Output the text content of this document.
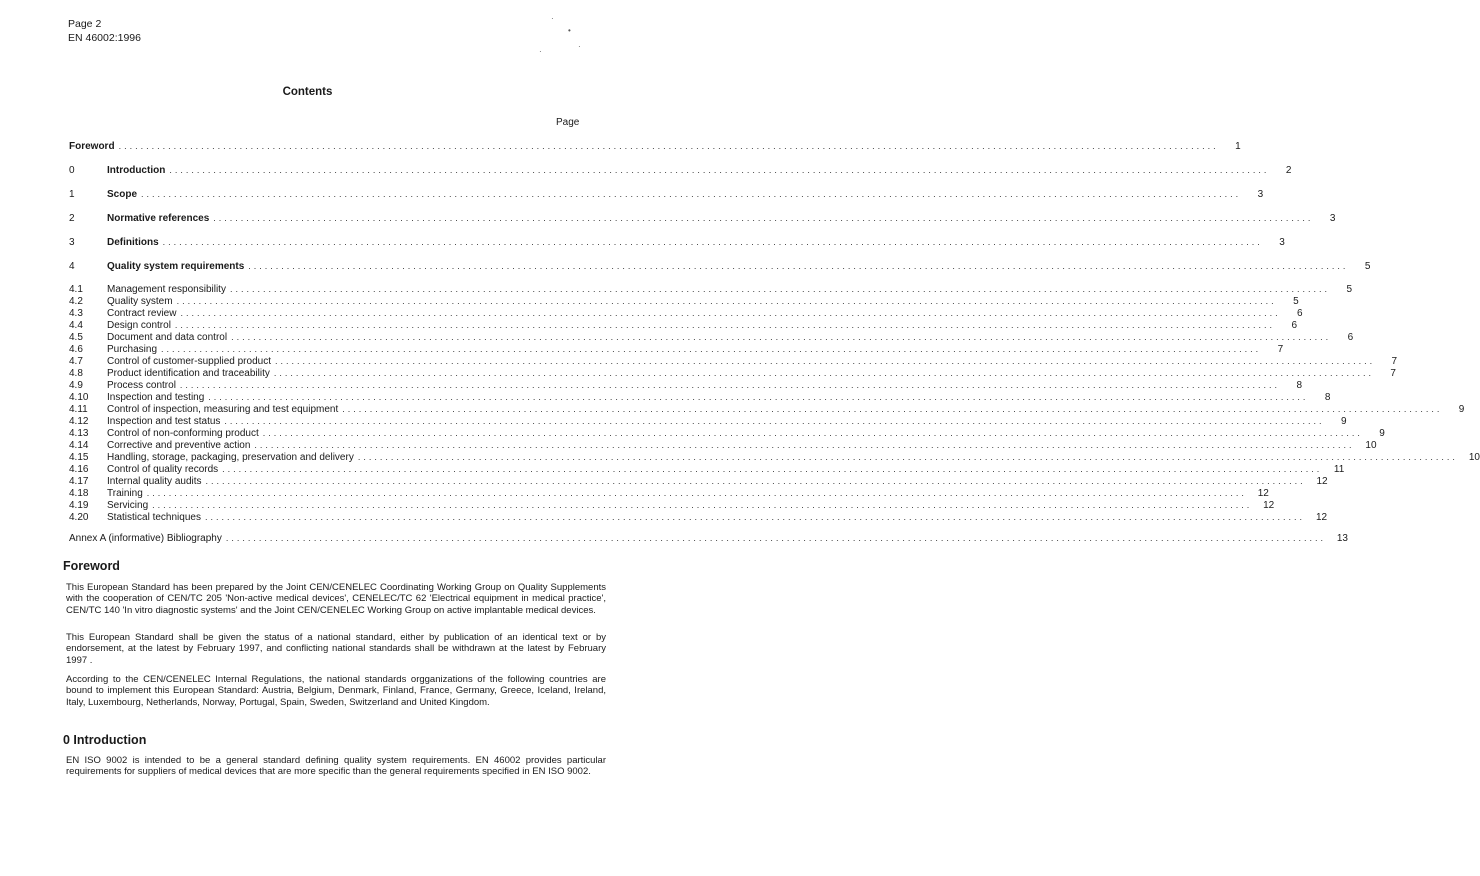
Page 2
EN 46002:1996
·
•
·
·
Contents
Page
Foreword ........................................................................................................................................................................................................	1
0	Introduction ........................................................................................................................................................................................................	2
1	Scope ........................................................................................................................................................................................................	3
2	Normative references ........................................................................................................................................................................................................	3
3	Definitions ........................................................................................................................................................................................................	3
4	Quality system requirements ........................................................................................................................................................................................................	5
4.1	Management responsibility ........................................................................................................................................................................................................	5
4.2	Quality system ........................................................................................................................................................................................................	5
4.3	Contract review ........................................................................................................................................................................................................	6
4.4	Design control ........................................................................................................................................................................................................	6
4.5	Document and data control ........................................................................................................................................................................................................	6
4.6	Purchasing ........................................................................................................................................................................................................	7
4.7	Control of customer-supplied product ........................................................................................................................................................................................................	7
4.8	Product identification and traceability ........................................................................................................................................................................................................	7
4.9	Process control ........................................................................................................................................................................................................	8
4.10	Inspection and testing ........................................................................................................................................................................................................	8
4.11	Control of inspection, measuring and test equipment ........................................................................................................................................................................................................	9
4.12	Inspection and test status ........................................................................................................................................................................................................	9
4.13	Control of non-conforming product ........................................................................................................................................................................................................	9
4.14	Corrective and preventive action ........................................................................................................................................................................................................	10
4.15	Handling, storage, packaging, preservation and delivery ........................................................................................................................................................................................................	10
4.16	Control of quality records ........................................................................................................................................................................................................	11
4.17	Internal quality audits ........................................................................................................................................................................................................	12
4.18	Training ........................................................................................................................................................................................................	12
4.19	Servicing ........................................................................................................................................................................................................	12
4.20	Statistical techniques ........................................................................................................................................................................................................	12
Annex A (informative) Bibliography ........................................................................................................................................................................................................	13
Foreword
This European Standard has been prepared by the Joint CEN/CENELEC Coordinating Working Group on Quality Supplements with the cooperation of CEN/TC 205 'Non-active medical devices', CENELEC/TC 62 'Electrical equipment in medical practice', CEN/TC 140 'In vitro diagnostic systems' and the Joint CEN/CENELEC Working Group on active implantable medical devices.
This European Standard shall be given the status of a national standard, either by publication of an identical text or by endorsement, at the latest by February 1997, and conflicting national standards shall be withdrawn at the latest by February 1997 .
According to the CEN/CENELEC Internal Regulations, the national standards orgganizations of the following countries are bound to implement this European Standard: Austria, Belgium, Denmark, Finland, France, Germany, Greece, Iceland, Ireland, Italy, Luxembourg, Netherlands, Norway, Portugal, Spain, Sweden, Switzerland and United Kingdom.
0 Introduction
EN ISO 9002 is intended to be a general standard defining quality system requirements. EN 46002 provides particular requirements for suppliers of medical devices that are more specific than the general requirements specified in EN ISO 9002.
